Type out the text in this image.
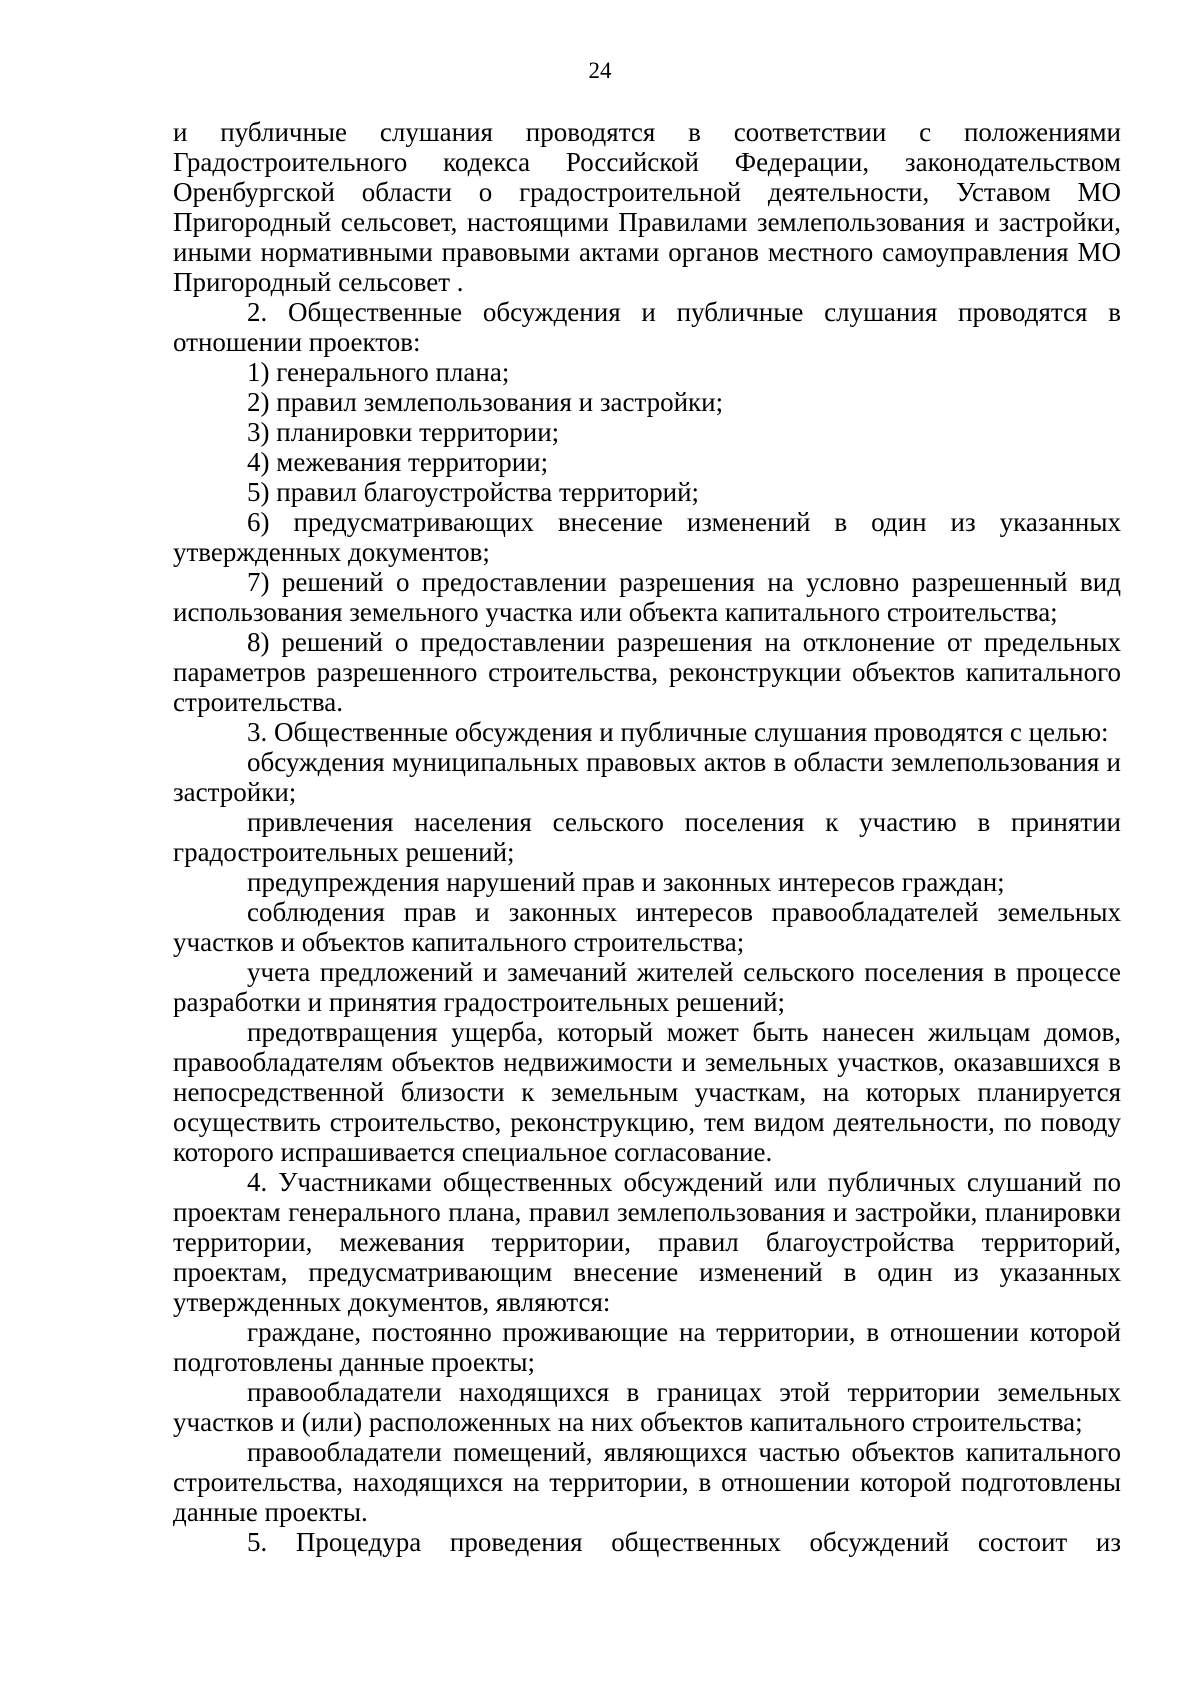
24

и публичные слушания проводятся в соответствии с положениями Градостроительного кодекса Российской Федерации, законодательством Оренбургской области о градостроительной деятельности, Уставом МО Пригородный сельсовет, настоящими Правилами землепользования и застройки, иными нормативными правовыми актами органов местного самоуправления МО Пригородный сельсовет .

2. Общественные обсуждения и публичные слушания проводятся в отношении проектов:

1) генерального плана;

2) правил землепользования и застройки;

3) планировки территории;

4) межевания территории;

5) правил благоустройства территорий;

6) предусматривающих внесение изменений в один из указанных утвержденных документов;

7) решений о предоставлении разрешения на условно разрешенный вид использования земельного участка или объекта капитального строительства;

8) решений о предоставлении разрешения на отклонение от предельных параметров разрешенного строительства, реконструкции объектов капитального строительства.

3. Общественные обсуждения и публичные слушания проводятся с целью:

обсуждения муниципальных правовых актов в области землепользования и застройки;

привлечения населения сельского поселения к участию в принятии градостроительных решений;

предупреждения нарушений прав и законных интересов граждан;

соблюдения прав и законных интересов правообладателей земельных участков и объектов капитального строительства;

учета предложений и замечаний жителей сельского поселения в процессе разработки и принятия градостроительных решений;

предотвращения ущерба, который может быть нанесен жильцам домов, правообладателям объектов недвижимости и земельных участков, оказавшихся в непосредственной близости к земельным участкам, на которых планируется осуществить строительство, реконструкцию, тем видом деятельности, по поводу которого испрашивается специальное согласование.

4. Участниками общественных обсуждений или публичных слушаний по проектам генерального плана, правил землепользования и застройки, планировки территории, межевания территории, правил благоустройства территорий, проектам, предусматривающим внесение изменений в один из указанных утвержденных документов, являются:

граждане, постоянно проживающие на территории, в отношении которой подготовлены данные проекты;

правообладатели находящихся в границах этой территории земельных участков и (или) расположенных на них объектов капитального строительства;

правообладатели помещений, являющихся частью объектов капитального строительства, находящихся на территории, в отношении которой подготовлены данные проекты.

5. Процедура проведения общественных обсуждений состоит из
